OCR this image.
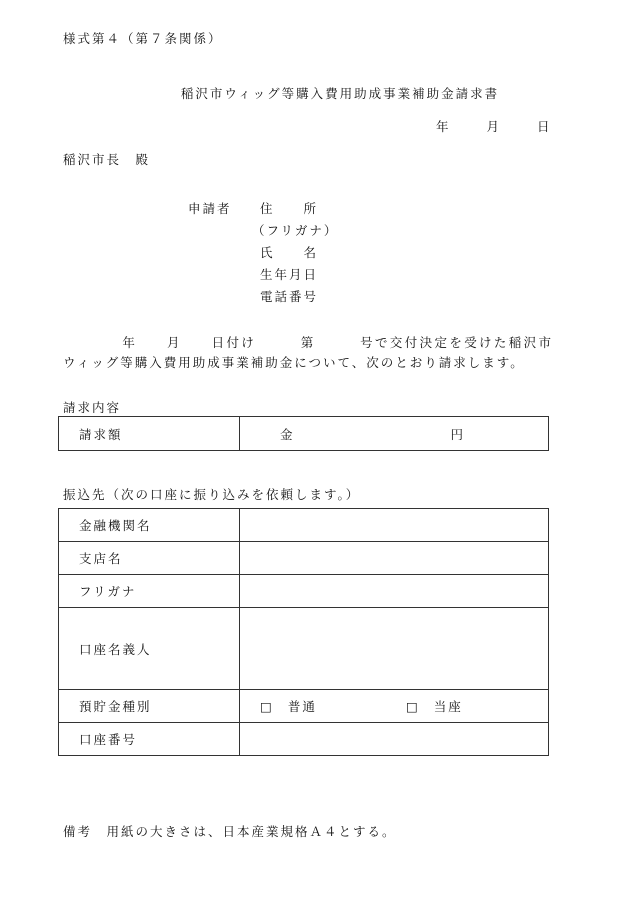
様式第４（第７条関係）
稲沢市ウィッグ等購入費用助成事業補助金請求書
年	月	日
稲沢市長　殿
申請者 住　　所
（フリガナ）
氏　　名
生年月日
電話番号
　　　　年　　月　　日付け　　　第　　　号で交付決定を受けた稲沢市ウィッグ等購入費用助成事業補助金について、次のとおり請求します。
請求内容
請求額	金	円
振込先（次の口座に振り込みを依頼します。）
金融機関名	
支店名	
フリガナ	
口座名義人	
預貯金種別	□ 普通 □ 当座
口座番号	
備考　用紙の大きさは、日本産業規格Ａ４とする。
